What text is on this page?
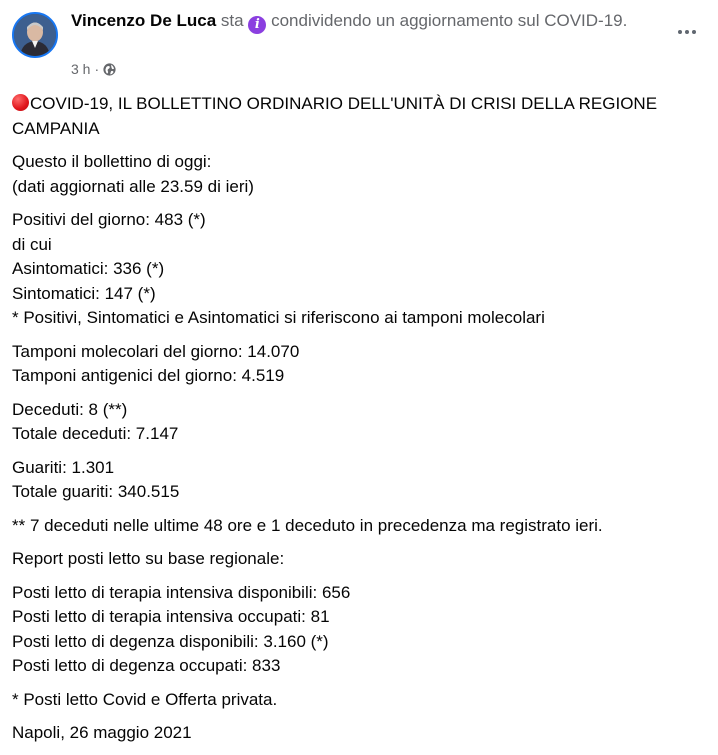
Vincenzo De Luca sta i condividendo un aggiornamento sul COVID-19.
3 h ·
COVID-19, IL BOLLETTINO ORDINARIO DELL'UNITÀ DI CRISI DELLA REGIONE CAMPANIA
Questo il bollettino di oggi:
(dati aggiornati alle 23.59 di ieri)
Positivi del giorno: 483 (*)
di cui
Asintomatici: 336 (*)
Sintomatici: 147 (*)
* Positivi, Sintomatici e Asintomatici si riferiscono ai tamponi molecolari
Tamponi molecolari del giorno: 14.070
Tamponi antigenici del giorno: 4.519
Deceduti: 8 (**)
Totale deceduti: 7.147
Guariti: 1.301
Totale guariti: 340.515
** 7 deceduti nelle ultime 48 ore e 1 deceduto in precedenza ma registrato ieri.
Report posti letto su base regionale:
Posti letto di terapia intensiva disponibili: 656
Posti letto di terapia intensiva occupati: 81
Posti letto di degenza disponibili: 3.160 (*)
Posti letto di degenza occupati: 833
* Posti letto Covid e Offerta privata.
Napoli, 26 maggio 2021
